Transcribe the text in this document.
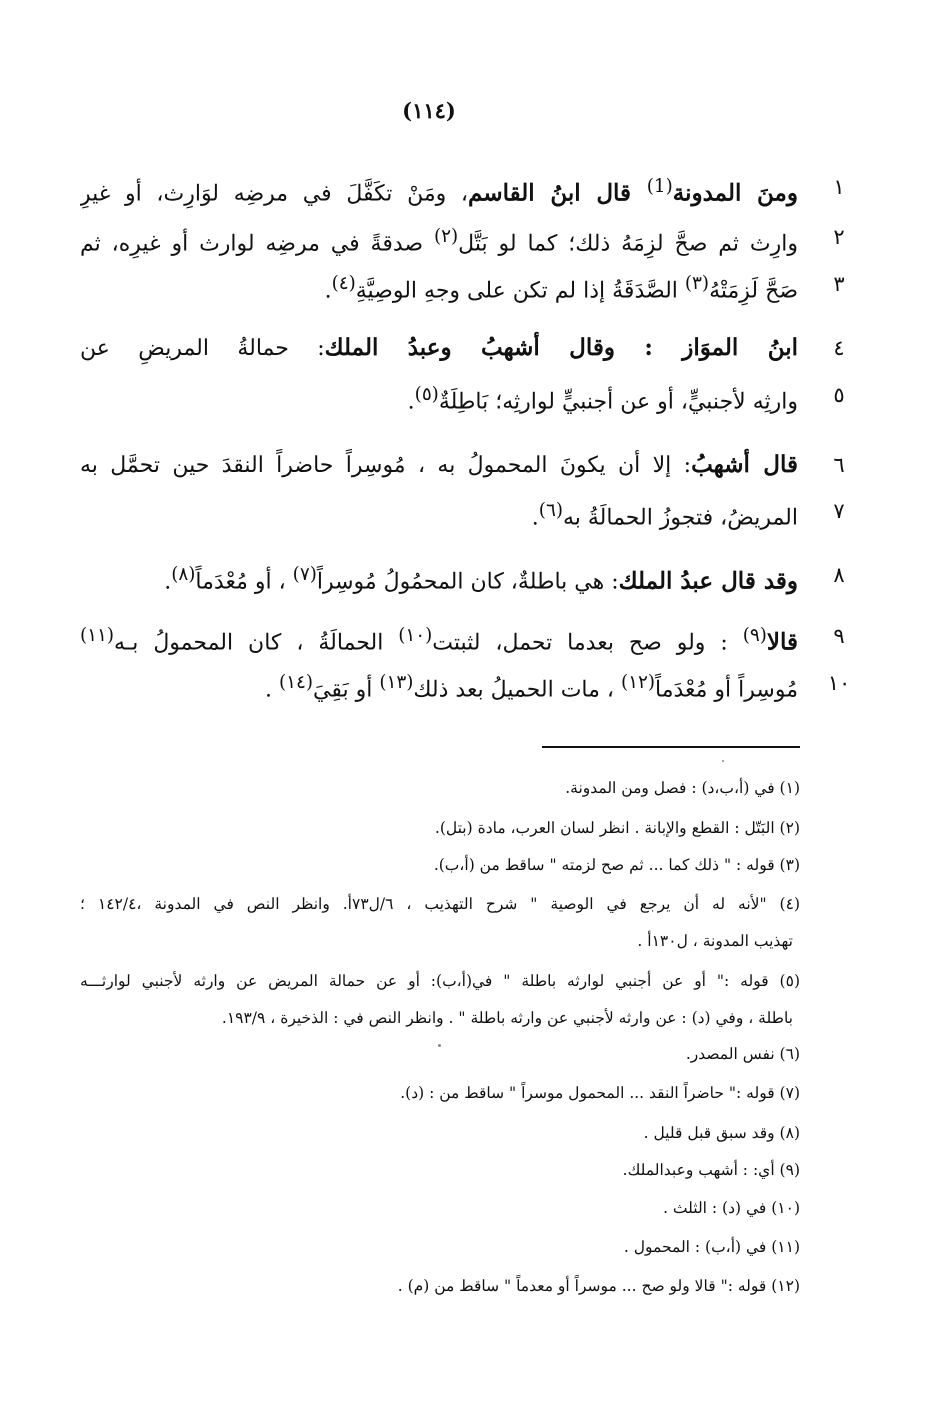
(١١٤)
١
ومنَ المدونة$^{(1)}$ قال ابنُ القاسم، ومَنْ تكَفَّلَ في مرضِه لوَارِث، أو غيرِ
٢
وارِث ثم صحَّ لزِمَهُ ذلك؛ كما لو بَتَّل$^{(٢)}$ صدقةً في مرضِه لوارث أو غيرِه، ثم
٣
صَحَّ لَزِمَتْهُ$^{(٣)}$ الصَّدَقَةُ إذا لم تكن على وجهِ الوصِيَّةِ$^{(٤)}$.
٤
ابنُ الموَاز : وقال أشهبُ وعبدُ الملك: حمالةُ المريضِ عن
٥
وارثِه لأجنبيٍّ، أو عن أجنبيٍّ لوارثِه؛ بَاطِلَةٌ$^{(٥)}$.
٦
قال أشهبُ: إلا أن يكونَ المحمولُ به ، مُوسِراً حاضراً النقدَ حين تحمَّل به
٧
المريضُ، فتجوزُ الحمالَةُ به$^{(٦)}$.
٨
وقد قال عبدُ الملك: هي باطلةٌ، كان المحمُولُ مُوسِراً$^{(٧)}$ ، أو مُعْدَماً$^{(٨)}$.
٩
قالا$^{(٩)}$ : ولو صح بعدما تحمل، لثبتت$^{(١٠)}$ الحمالَةُ ، كان المحمولُ بـه$^{(١١)}$
١٠
مُوسِراً أو مُعْدَماً$^{(١٢)}$ ، مات الحميلُ بعد ذلك$^{(١٣)}$ أو بَقِيَ$^{(١٤)}$ .
(١) في (أ،ب،د) : فصل ومن المدونة.
(٢) البَتّل : القطع والإبانة . انظر لسان العرب، مادة (بتل).
(٣) قوله : " ذلك كما ... ثم صح لزمته " ساقط من (أ،ب).
(٤) "لأنه له أن يرجع في الوصية " شرح التهذيب ، ٦/ل٧٣أ. وانظر النص في المدونة ،١٤٢/٤ ؛
تهذيب المدونة ، ل١٣٠أ .
(٥) قوله :" أو عن أجنبي لوارثه باطلة " في(أ،ب): أو عن حمالة المريض عن وارثه لأجنبي لوارثـــه
باطلة ، وفي (د) : عن وارثه لأجنبي عن وارثه باطلة " . وانظر النص في : الذخيرة ، ١٩٣/٩.
(٦) نفس المصدر.
(٧) قوله :" حاضراً النقد ... المحمول موسراً " ساقط من : (د).
(٨) وقد سبق قبل قليل .
(٩) أي: : أشهب وعبدالملك.
(١٠) في (د) : الثلث .
(١١) في (أ،ب) : المحمول .
(١٢) قوله :" قالا ولو صح ... موسراً أو معدماً " ساقط من (م) .
